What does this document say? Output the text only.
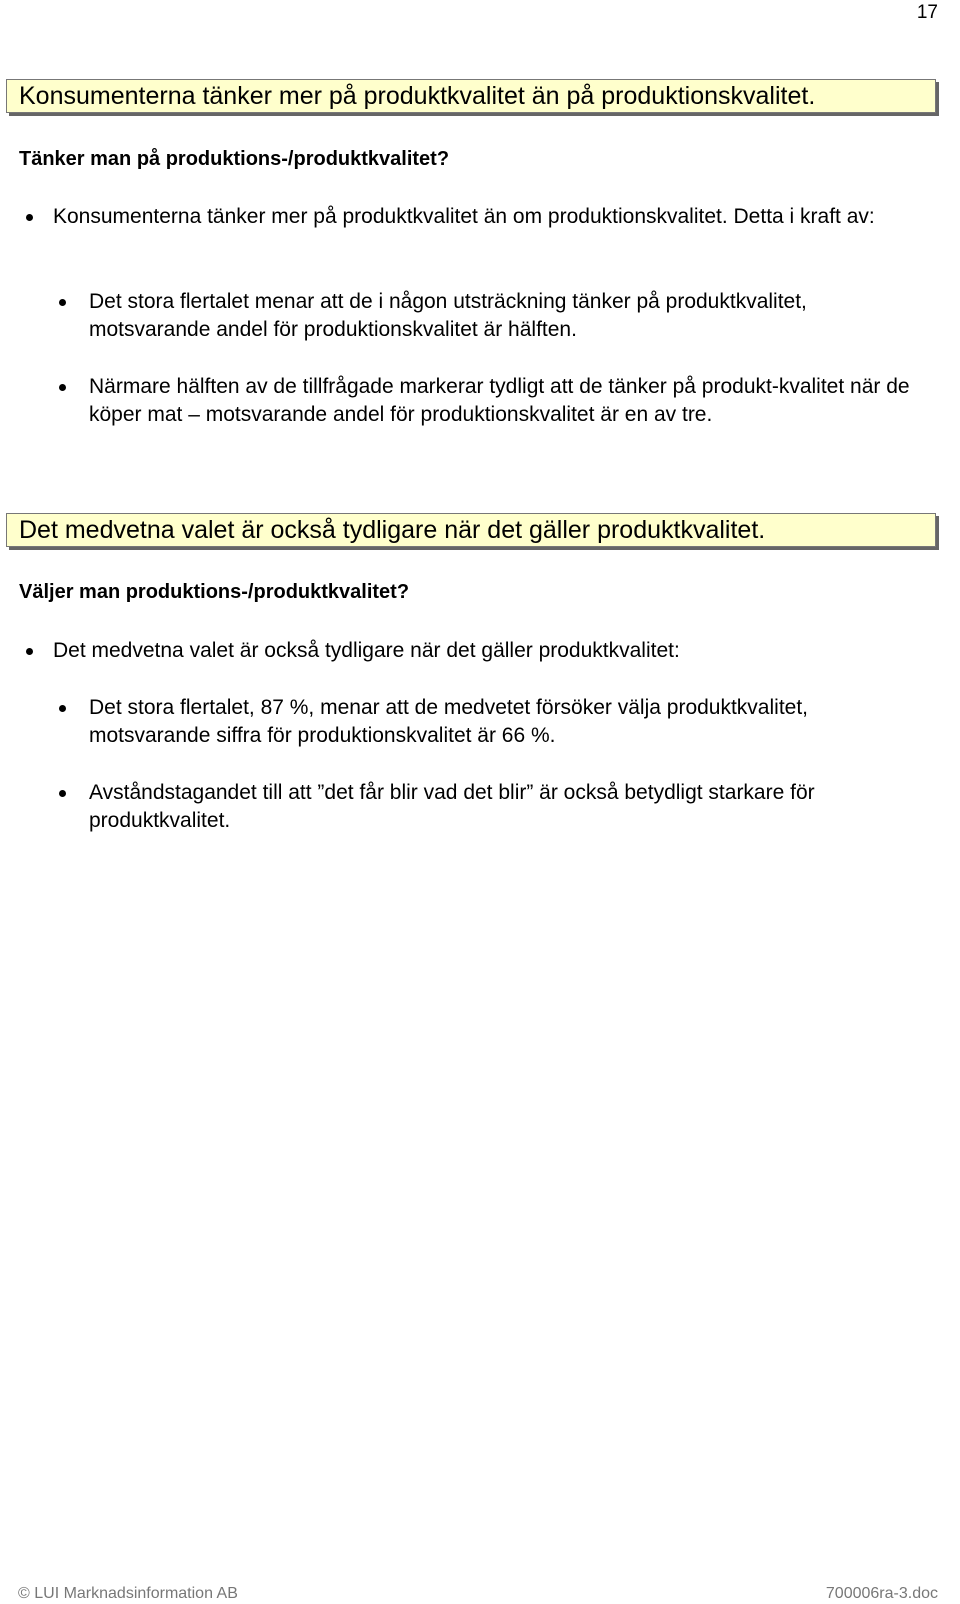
17
Konsumenterna tänker mer på produktkvalitet än på produktionskvalitet.
Tänker man på produktions-/produktkvalitet?
Konsumenterna tänker mer på produktkvalitet än om produktionskvalitet. Detta i kraft av:
Det stora flertalet menar att de i någon utsträckning tänker på produktkvalitet, motsvarande andel för produktionskvalitet är hälften.
Närmare hälften av de tillfrågade markerar tydligt att de tänker på produkt-kvalitet när de köper mat – motsvarande andel för produktionskvalitet är en av tre.
Det medvetna valet är också tydligare när det gäller produktkvalitet.
Väljer man produktions-/produktkvalitet?
Det medvetna valet är också tydligare när det gäller produktkvalitet:
Det stora flertalet, 87 %, menar att de medvetet försöker välja produktkvalitet, motsvarande siffra för produktionskvalitet är 66 %.
Avståndstagandet till att ”det får blir vad det blir” är också betydligt starkare för produktkvalitet.
© LUI Marknadsinformation AB	700006ra-3.doc
